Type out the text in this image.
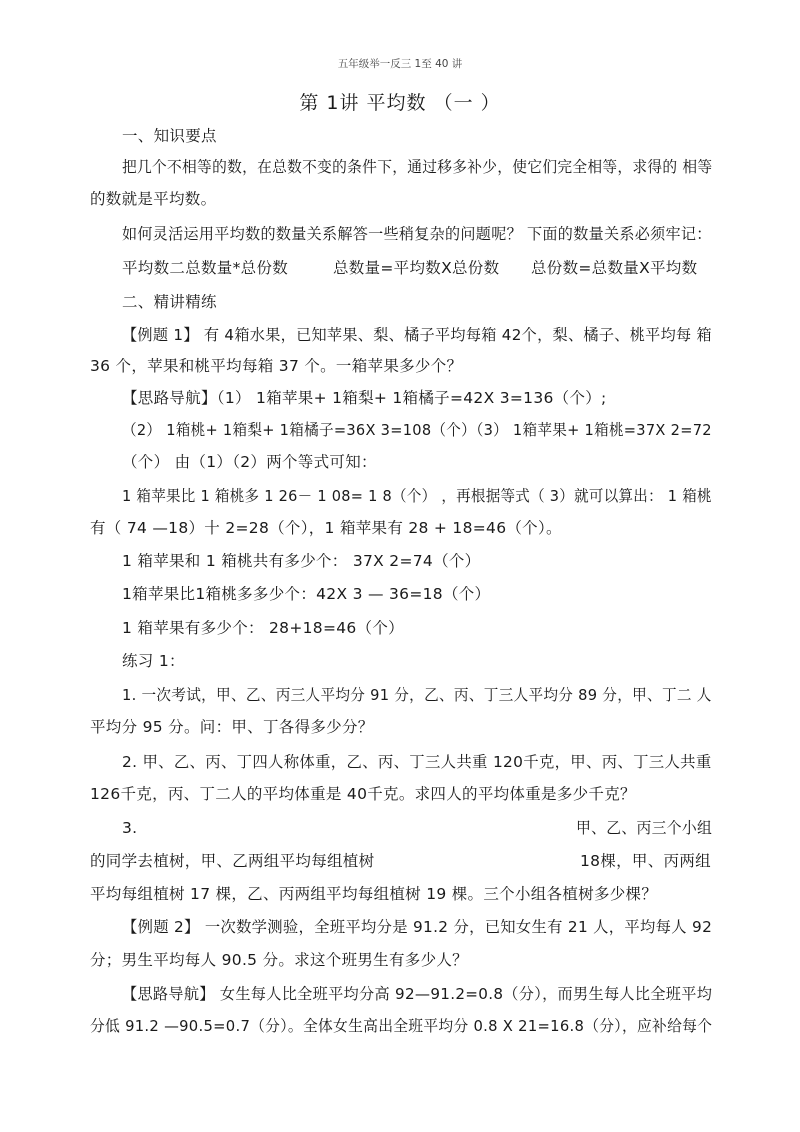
五年级举一反三 1至 40 讲
第 1讲 平均数 （一 ）
一、知识要点
把几个不相等的数，在总数不变的条件下，通过移多补少，使它们完全相等，求得的 相等
的数就是平均数。
如何灵活运用平均数的数量关系解答一些稍复杂的问题呢？ 下面的数量关系必须牢记：
平均数二总数量*总份数	总数量=平均数X总份数 总份数=总数量X平均数
二、精讲精练
【例题 1】 有 4箱水果，已知苹果、梨、橘子平均每箱 42个，梨、橘子、桃平均每 箱
36 个，苹果和桃平均每箱 37 个。一箱苹果多少个？
【思路导航】（1） 1箱苹果+ 1箱梨+ 1箱橘子=42X 3=136（个）;
（2） 1箱桃+ 1箱梨+ 1箱橘子=36X 3=108（个）（3） 1箱苹果+ 1箱桃=37X 2=72
（个） 由（1）（2）两个等式可知：
1 箱苹果比 1 箱桃多 1 26－ 1 08= 1 8（个） ，再根据等式（ 3）就可以算出： 1 箱桃
有（ 74 —18）十 2=28（个），1 箱苹果有 28 + 18=46（个）。
1 箱苹果和 1 箱桃共有多少个： 37X 2=74（个）
1箱苹果比1箱桃多多少个：42X 3 — 36=18（个）
1 箱苹果有多少个： 28+18=46（个）
练习 1：
1. 一次考试，甲、乙、丙三人平均分 91 分，乙、丙、丁三人平均分 89 分，甲、丁二 人
平均分 95 分。问：甲、丁各得多少分？
2. 甲、乙、丙、丁四人称体重，乙、丙、丁三人共重 120千克，甲、丙、丁三人共重
126千克，丙、丁二人的平均体重是 40千克。求四人的平均体重是多少千克？
3.	甲、乙、丙三个小组
的同学去植树，甲、乙两组平均每组植树	18棵，甲、丙两组
平均每组植树 17 棵，乙、丙两组平均每组植树 19 棵。三个小组各植树多少棵？
【例题 2】 一次数学测验，全班平均分是 91.2 分，已知女生有 21 人，平均每人 92
分；男生平均每人 90.5 分。求这个班男生有多少人？
【思路导航】 女生每人比全班平均分高 92—91.2=0.8（分），而男生每人比全班平均
分低 91.2 —90.5=0.7（分）。全体女生高出全班平均分 0.8 X 21=16.8（分），应补给每个
